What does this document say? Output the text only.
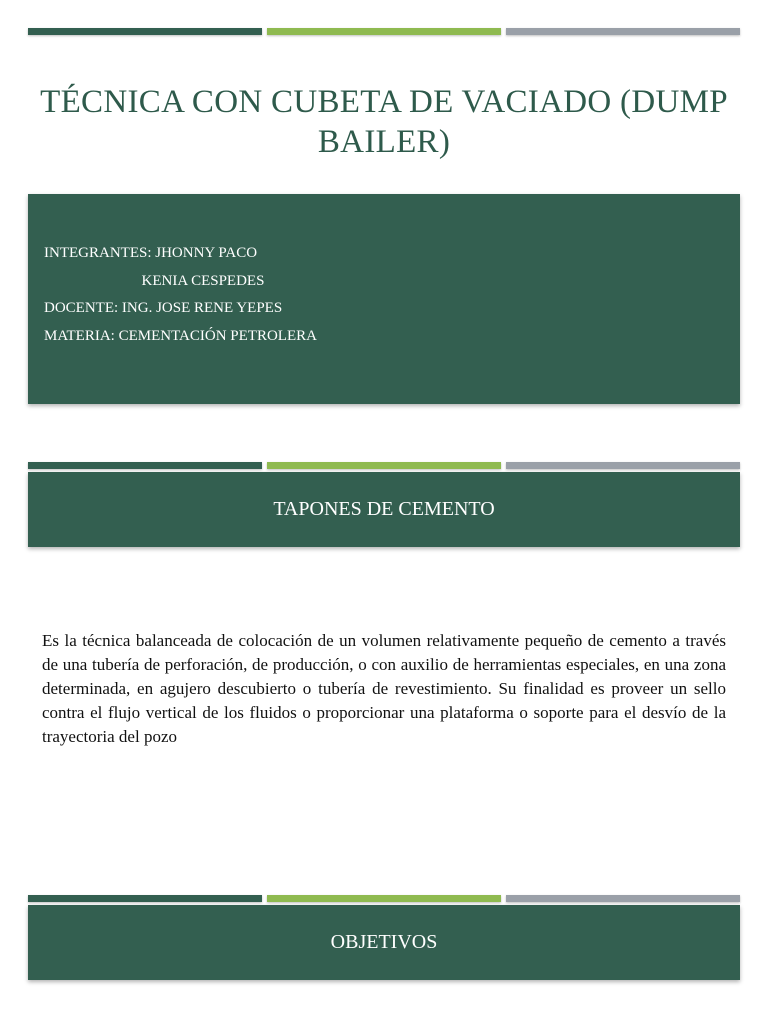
TÉCNICA CON CUBETA DE VACIADO (DUMP BAILER)
INTEGRANTES: JHONNY PACO
KENIA CESPEDES
DOCENTE: ING. JOSE RENE YEPES
MATERIA: CEMENTACIÓN PETROLERA
TAPONES DE CEMENTO
Es la técnica balanceada de colocación de un volumen relativamente pequeño de cemento a través de una tubería de perforación, de producción, o con auxilio de herramientas especiales, en una zona determinada, en agujero descubierto o tubería de revestimiento. Su finalidad es proveer un sello contra el flujo vertical de los fluidos o proporcionar una plataforma o soporte para el desvío de la trayectoria del pozo
OBJETIVOS
